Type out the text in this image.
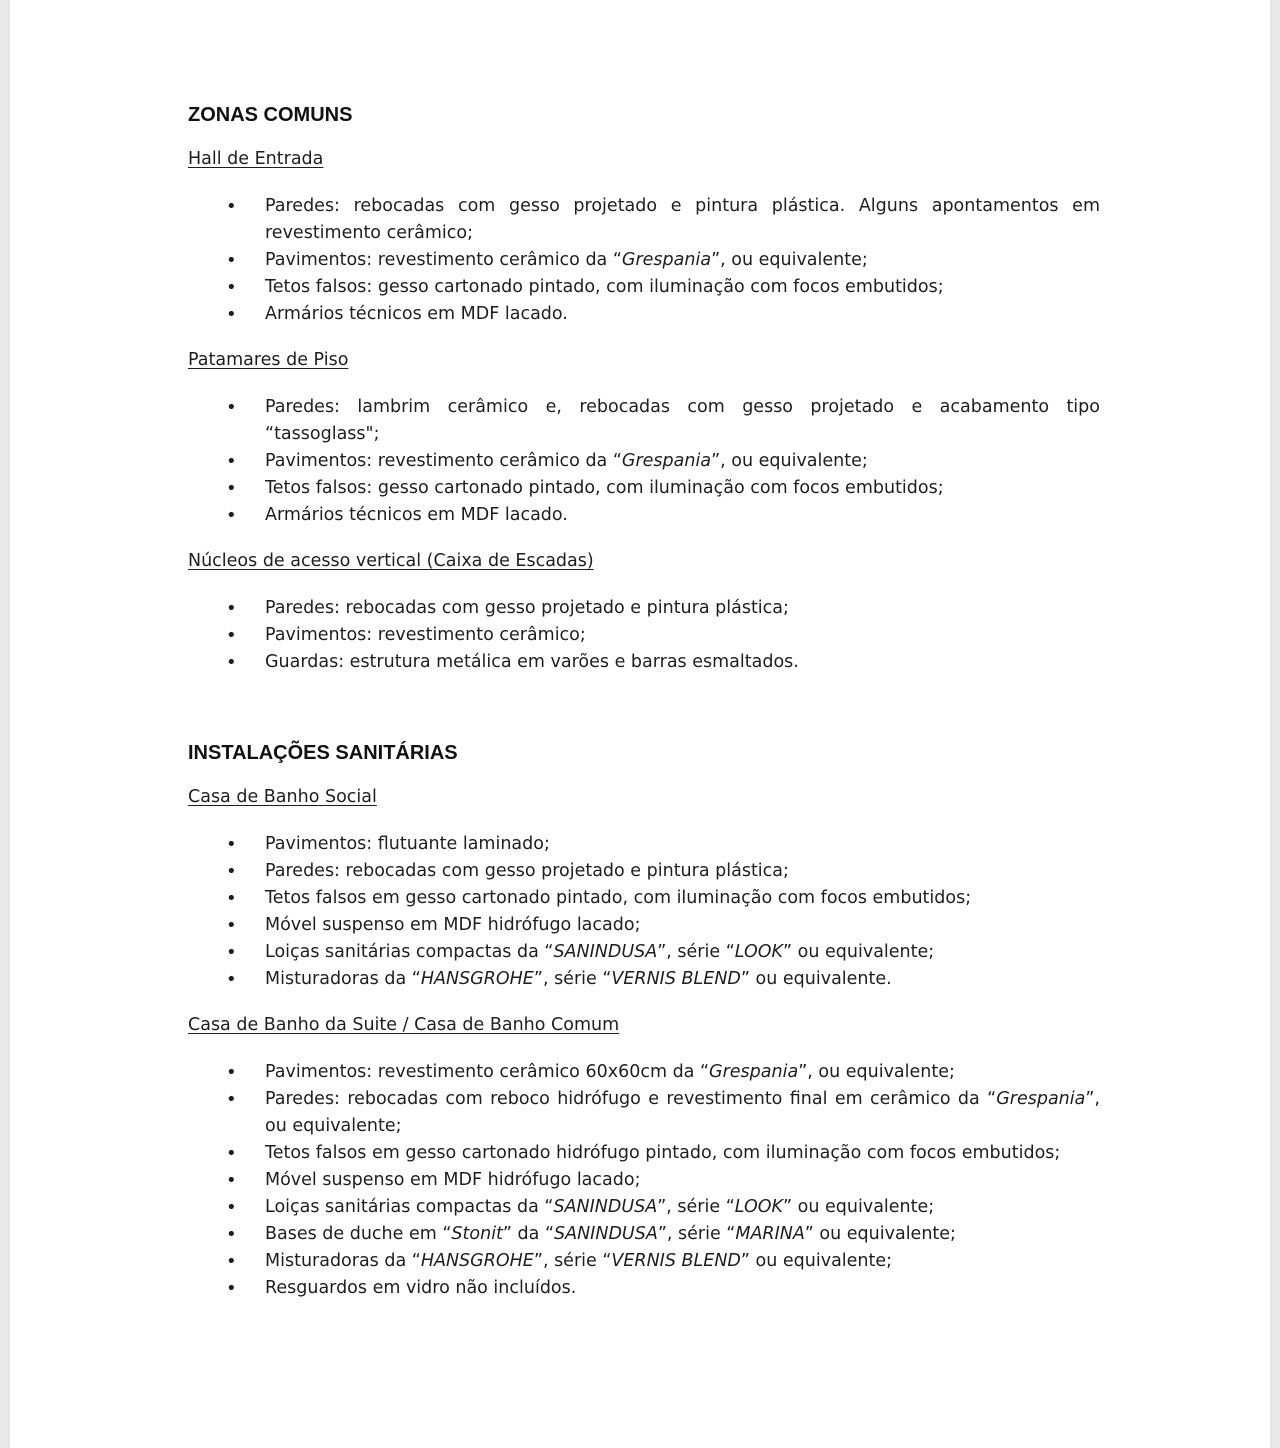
ZONAS COMUNS
Hall de Entrada
• Paredes: rebocadas com gesso projetado e pintura plástica. Alguns apontamentos em revestimento cerâmico;
• Pavimentos: revestimento cerâmico da “Grespania”, ou equivalente;
• Tetos falsos: gesso cartonado pintado, com iluminação com focos embutidos;
• Armários técnicos em MDF lacado.
Patamares de Piso
• Paredes: lambrim cerâmico e, rebocadas com gesso projetado e acabamento tipo “tassoglass";
• Pavimentos: revestimento cerâmico da “Grespania”, ou equivalente;
• Tetos falsos: gesso cartonado pintado, com iluminação com focos embutidos;
• Armários técnicos em MDF lacado.
Núcleos de acesso vertical (Caixa de Escadas)
• Paredes: rebocadas com gesso projetado e pintura plástica;
• Pavimentos: revestimento cerâmico;
• Guardas: estrutura metálica em varões e barras esmaltados.
INSTALAÇÕES SANITÁRIAS
Casa de Banho Social
• Pavimentos: flutuante laminado;
• Paredes: rebocadas com gesso projetado e pintura plástica;
• Tetos falsos em gesso cartonado pintado, com iluminação com focos embutidos;
• Móvel suspenso em MDF hidrófugo lacado;
• Loiças sanitárias compactas da “SANINDUSA”, série “LOOK” ou equivalente;
• Misturadoras da “HANSGROHE”, série “VERNIS BLEND” ou equivalente.
Casa de Banho da Suite / Casa de Banho Comum
• Pavimentos: revestimento cerâmico 60x60cm da “Grespania”, ou equivalente;
• Paredes: rebocadas com reboco hidrófugo e revestimento final em cerâmico da “Grespania”, ou equivalente;
• Tetos falsos em gesso cartonado hidrófugo pintado, com iluminação com focos embutidos;
• Móvel suspenso em MDF hidrófugo lacado;
• Loiças sanitárias compactas da “SANINDUSA”, série “LOOK” ou equivalente;
• Bases de duche em “Stonit” da “SANINDUSA”, série “MARINA” ou equivalente;
• Misturadoras da “HANSGROHE”, série “VERNIS BLEND” ou equivalente;
• Resguardos em vidro não incluídos.
